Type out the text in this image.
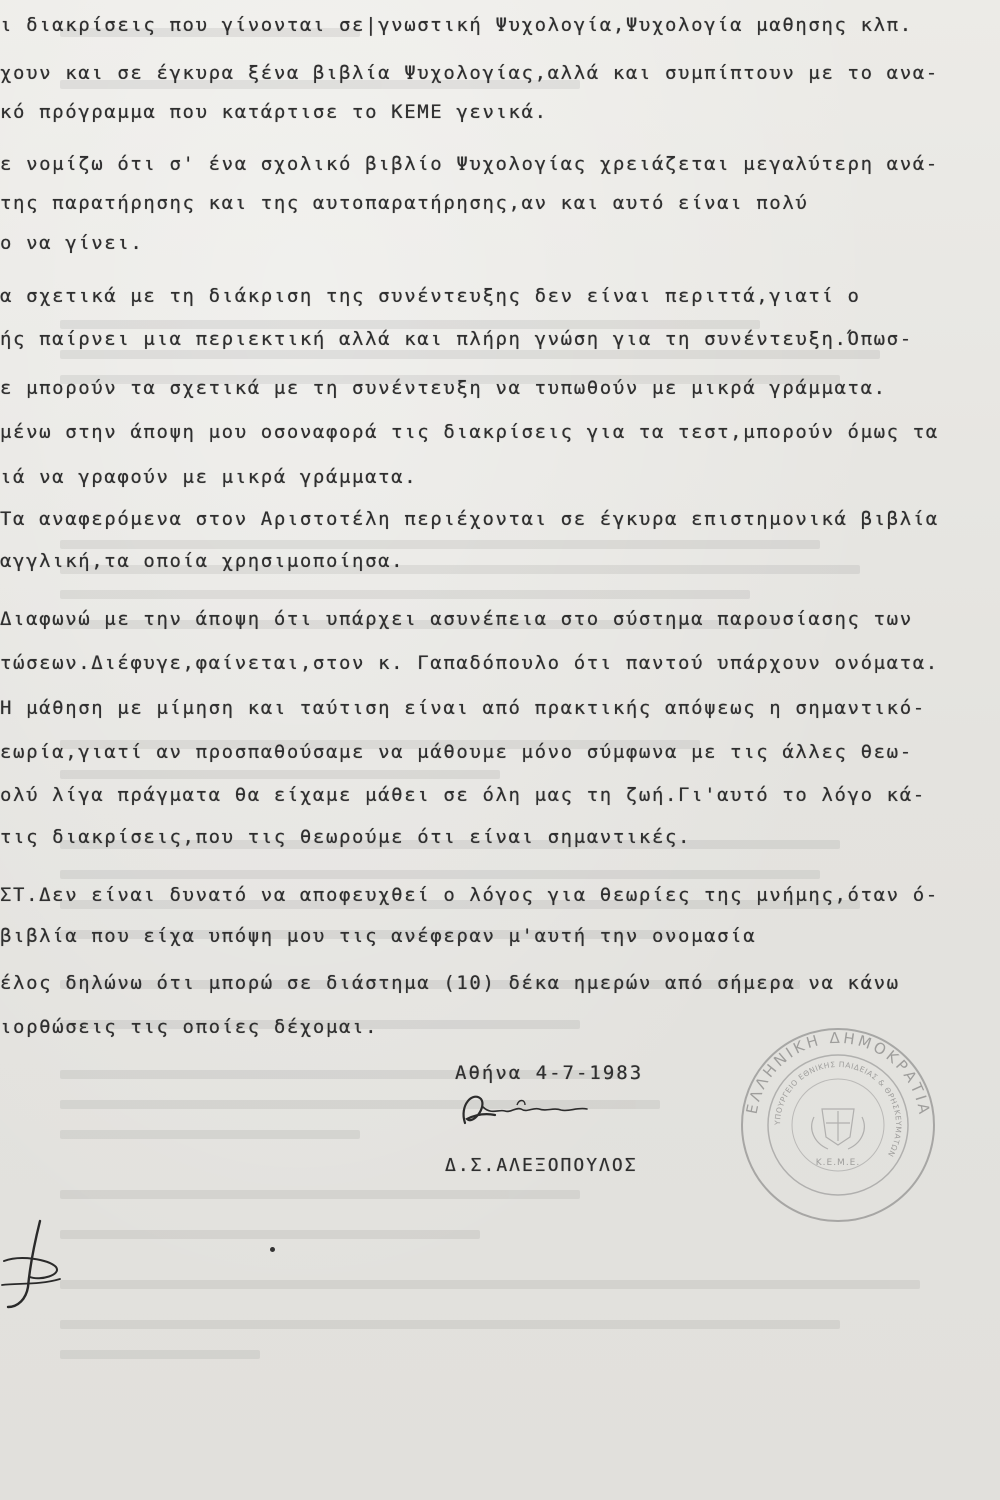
ι διακρίσεις που γίνονται σε|γνωστική Ψυχολογία,Ψυχολογία μαθησης κλπ.
χουν και σε έγκυρα ξένα βιβλία Ψυχολογίας,αλλά και συμπίπτουν με το ανα-
κό πρόγραμμα που κατάρτισε το ΚΕΜΕ γενικά.
ε νομίζω ότι σ' ένα σχολικό βιβλίο Ψυχολογίας χρειάζεται μεγαλύτερη ανά-
της παρατήρησης και της αυτοπαρατήρησης,αν και αυτό είναι πολύ
ο να γίνει.
α σχετικά με τη διάκριση της συνέντευξης δεν είναι περιττά,γιατί ο
ής παίρνει μια περιεκτική αλλά και πλήρη γνώση για τη συνέντευξη.Όπωσ-
ε μπορούν τα σχετικά με τη συνέντευξη να τυπωθούν με μικρά γράμματα.
μένω στην άποψη μου οσοναφορά τις διακρίσεις για τα τεστ,μπορούν όμως τα
ιά να γραφούν με μικρά γράμματα.
Τα αναφερόμενα στον Αριστοτέλη περιέχονται σε έγκυρα επιστημονικά βιβλία
αγγλική,τα οποία χρησιμοποίησα.
Διαφωνώ με την άποψη ότι υπάρχει ασυνέπεια στο σύστημα παρουσίασης των
τώσεων.Διέφυγε,φαίνεται,στον κ. Γαπαδόπουλο ότι παντού υπάρχουν ονόματα.
Η μάθηση με μίμηση και ταύτιση είναι από πρακτικής απόψεως η σημαντικό-
εωρία,γιατί αν προσπαθούσαμε να μάθουμε μόνο σύμφωνα με τις άλλες θεω-
ολύ λίγα πράγματα θα είχαμε μάθει σε όλη μας τη ζωή.Γι'αυτό το λόγο κά-
τις διακρίσεις,που τις θεωρούμε ότι είναι σημαντικές.
ΣΤ.Δεν είναι δυνατό να αποφευχθεί ο λόγος για θεωρίες της μνήμης,όταν ό-
βιβλία που είχα υπόψη μου τις ανέφεραν μ'αυτή την ονομασία
έλος δηλώνω ότι μπορώ σε διάστημα (10) δέκα ημερών από σήμερα να κάνω
ιορθώσεις τις οποίες δέχομαι.
Αθήνα 4-7-1983
Δ.Σ.ΑΛΕΞΟΠΟΥΛΟΣ
ΕΛΛΗΝΙΚΗ ΔΗΜΟΚΡΑΤΙΑ
ΥΠΟΥΡΓΕΙΟ ΕΘΝΙΚΗΣ ΠΑΙΔΕΙΑΣ & ΘΡΗΣΚΕΥΜΑΤΩΝ
Κ.Ε.Μ.Ε.
